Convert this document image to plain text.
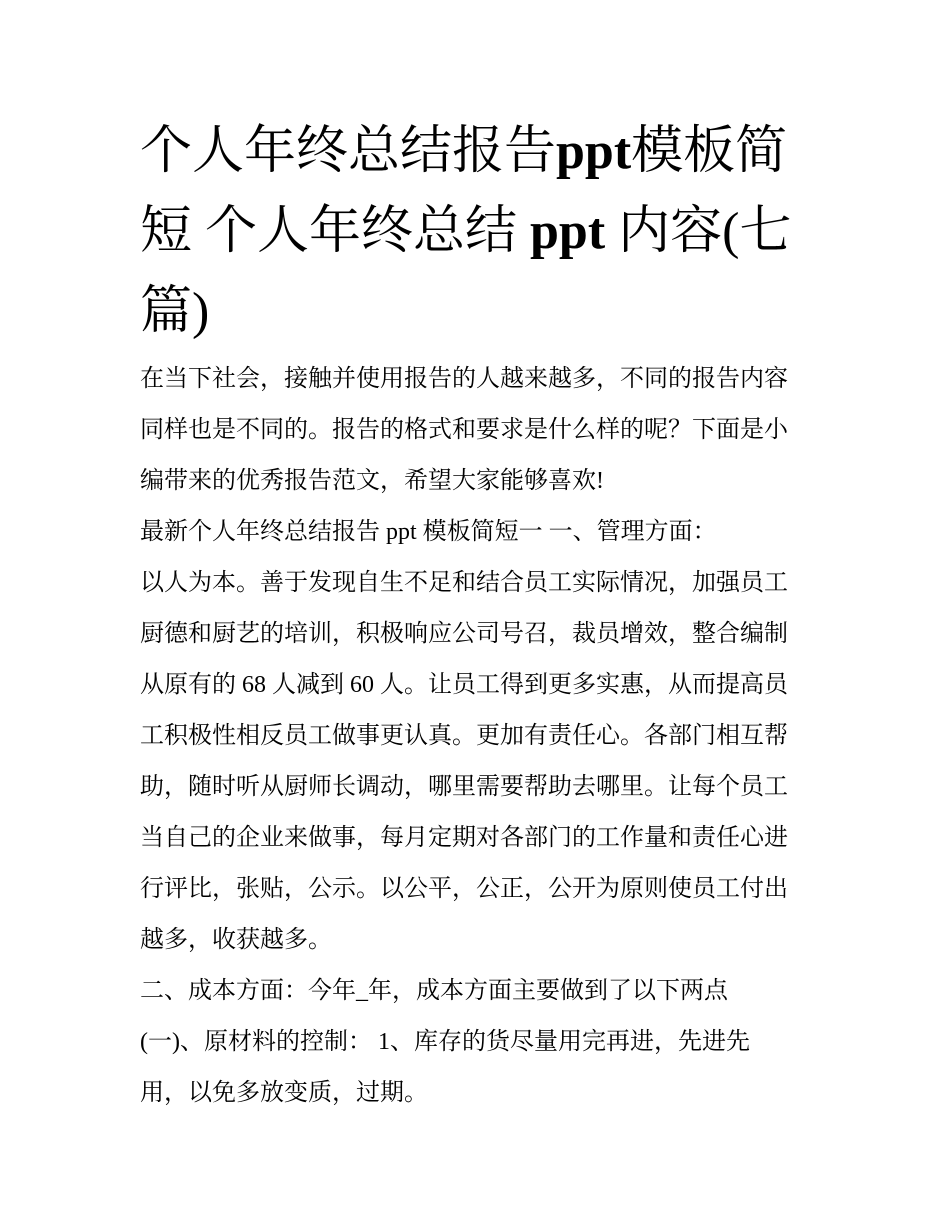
个人年终总结报告ppt模板简
短 个人年终总结 ppt 内容(七
篇)
在当下社会，接触并使用报告的人越来越多，不同的报告内容
同样也是不同的。报告的格式和要求是什么样的呢？下面是小
编带来的优秀报告范文，希望大家能够喜欢!
最新个人年终总结报告 ppt 模板简短一 一、管理方面：
以人为本。善于发现自生不足和结合员工实际情况，加强员工
厨德和厨艺的培训，积极响应公司号召，裁员增效，整合编制
从原有的 68 人减到 60 人。让员工得到更多实惠，从而提高员
工积极性相反员工做事更认真。更加有责任心。各部门相互帮
助，随时听从厨师长调动，哪里需要帮助去哪里。让每个员工
当自己的企业来做事，每月定期对各部门的工作量和责任心进
行评比，张贴，公示。以公平，公正，公开为原则使员工付出
越多，收获越多。
二、成本方面：今年_年，成本方面主要做到了以下两点
(一)、原材料的控制： 1、库存的货尽量用完再进，先进先
用，以免多放变质，过期。
